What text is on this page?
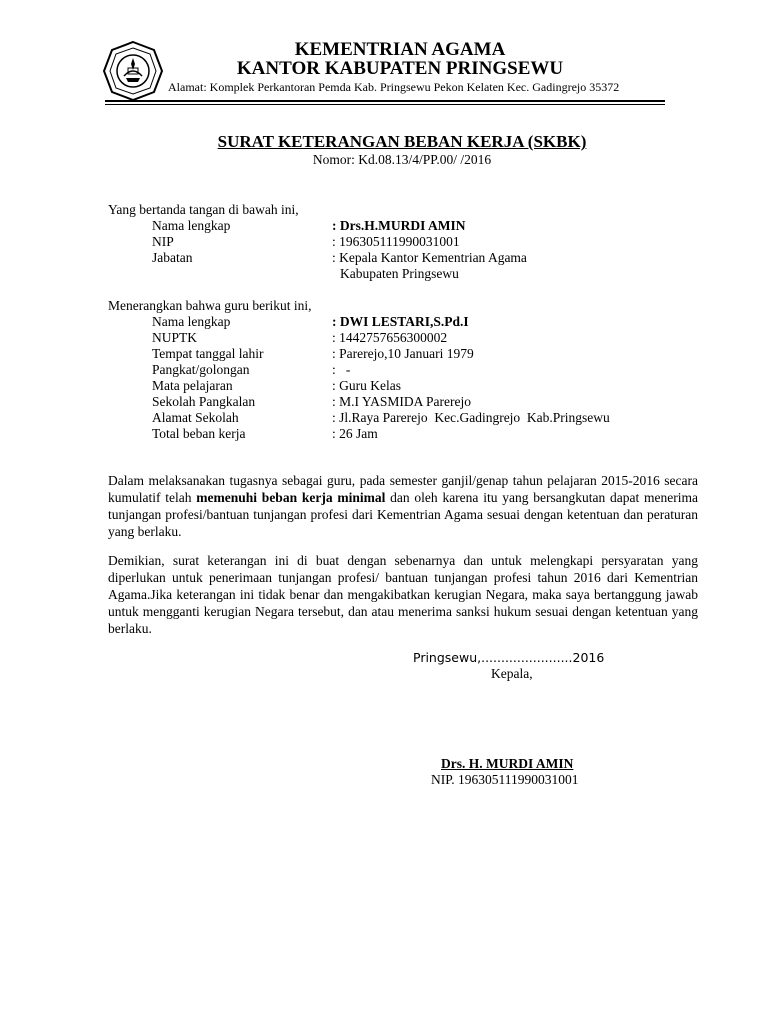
KEMENTRIAN AGAMA
KANTOR KABUPATEN PRINGSEWU
Alamat: Komplek Perkantoran Pemda Kab. Pringsewu Pekon Kelaten Kec. Gadingrejo 35372
SURAT KETERANGAN BEBAN KERJA (SKBK)
Nomor: Kd.08.13/4/PP.00/ /2016
Yang bertanda tangan di bawah ini,
Nama lengkap	: Drs.H.MURDI AMIN
NIP	: 196305111990031001
Jabatan	: Kepala Kantor Kementrian Agama
Kabupaten Pringsewu
Menerangkan bahwa guru berikut ini,
Nama lengkap	: DWI LESTARI,S.Pd.I
NUPTK	: 1442757656300002
Tempat tanggal lahir	: Parerejo,10 Januari 1979
Pangkat/golongan	:   -
Mata pelajaran	: Guru Kelas
Sekolah Pangkalan	: M.I YASMIDA Parerejo
Alamat Sekolah	: Jl.Raya Parerejo  Kec.Gadingrejo  Kab.Pringsewu
Total beban kerja	: 26 Jam
Dalam melaksanakan tugasnya sebagai guru, pada semester ganjil/genap tahun pelajaran 2015-2016 secara kumulatif telah memenuhi beban kerja minimal dan oleh karena itu yang bersangkutan dapat menerima tunjangan profesi/bantuan tunjangan profesi dari Kementrian Agama sesuai dengan ketentuan dan peraturan yang berlaku.
Demikian, surat keterangan ini di buat dengan sebenarnya dan untuk melengkapi persyaratan yang diperlukan untuk penerimaan tunjangan profesi/ bantuan tunjangan profesi tahun 2016 dari Kementrian Agama.Jika keterangan ini tidak benar dan mengakibatkan kerugian Negara, maka saya bertanggung jawab untuk mengganti kerugian Negara tersebut, dan atau menerima sanksi hukum sesuai dengan ketentuan yang berlaku.
Pringsewu,.......................2016
Kepala,
Drs. H. MURDI AMIN
NIP. 196305111990031001
